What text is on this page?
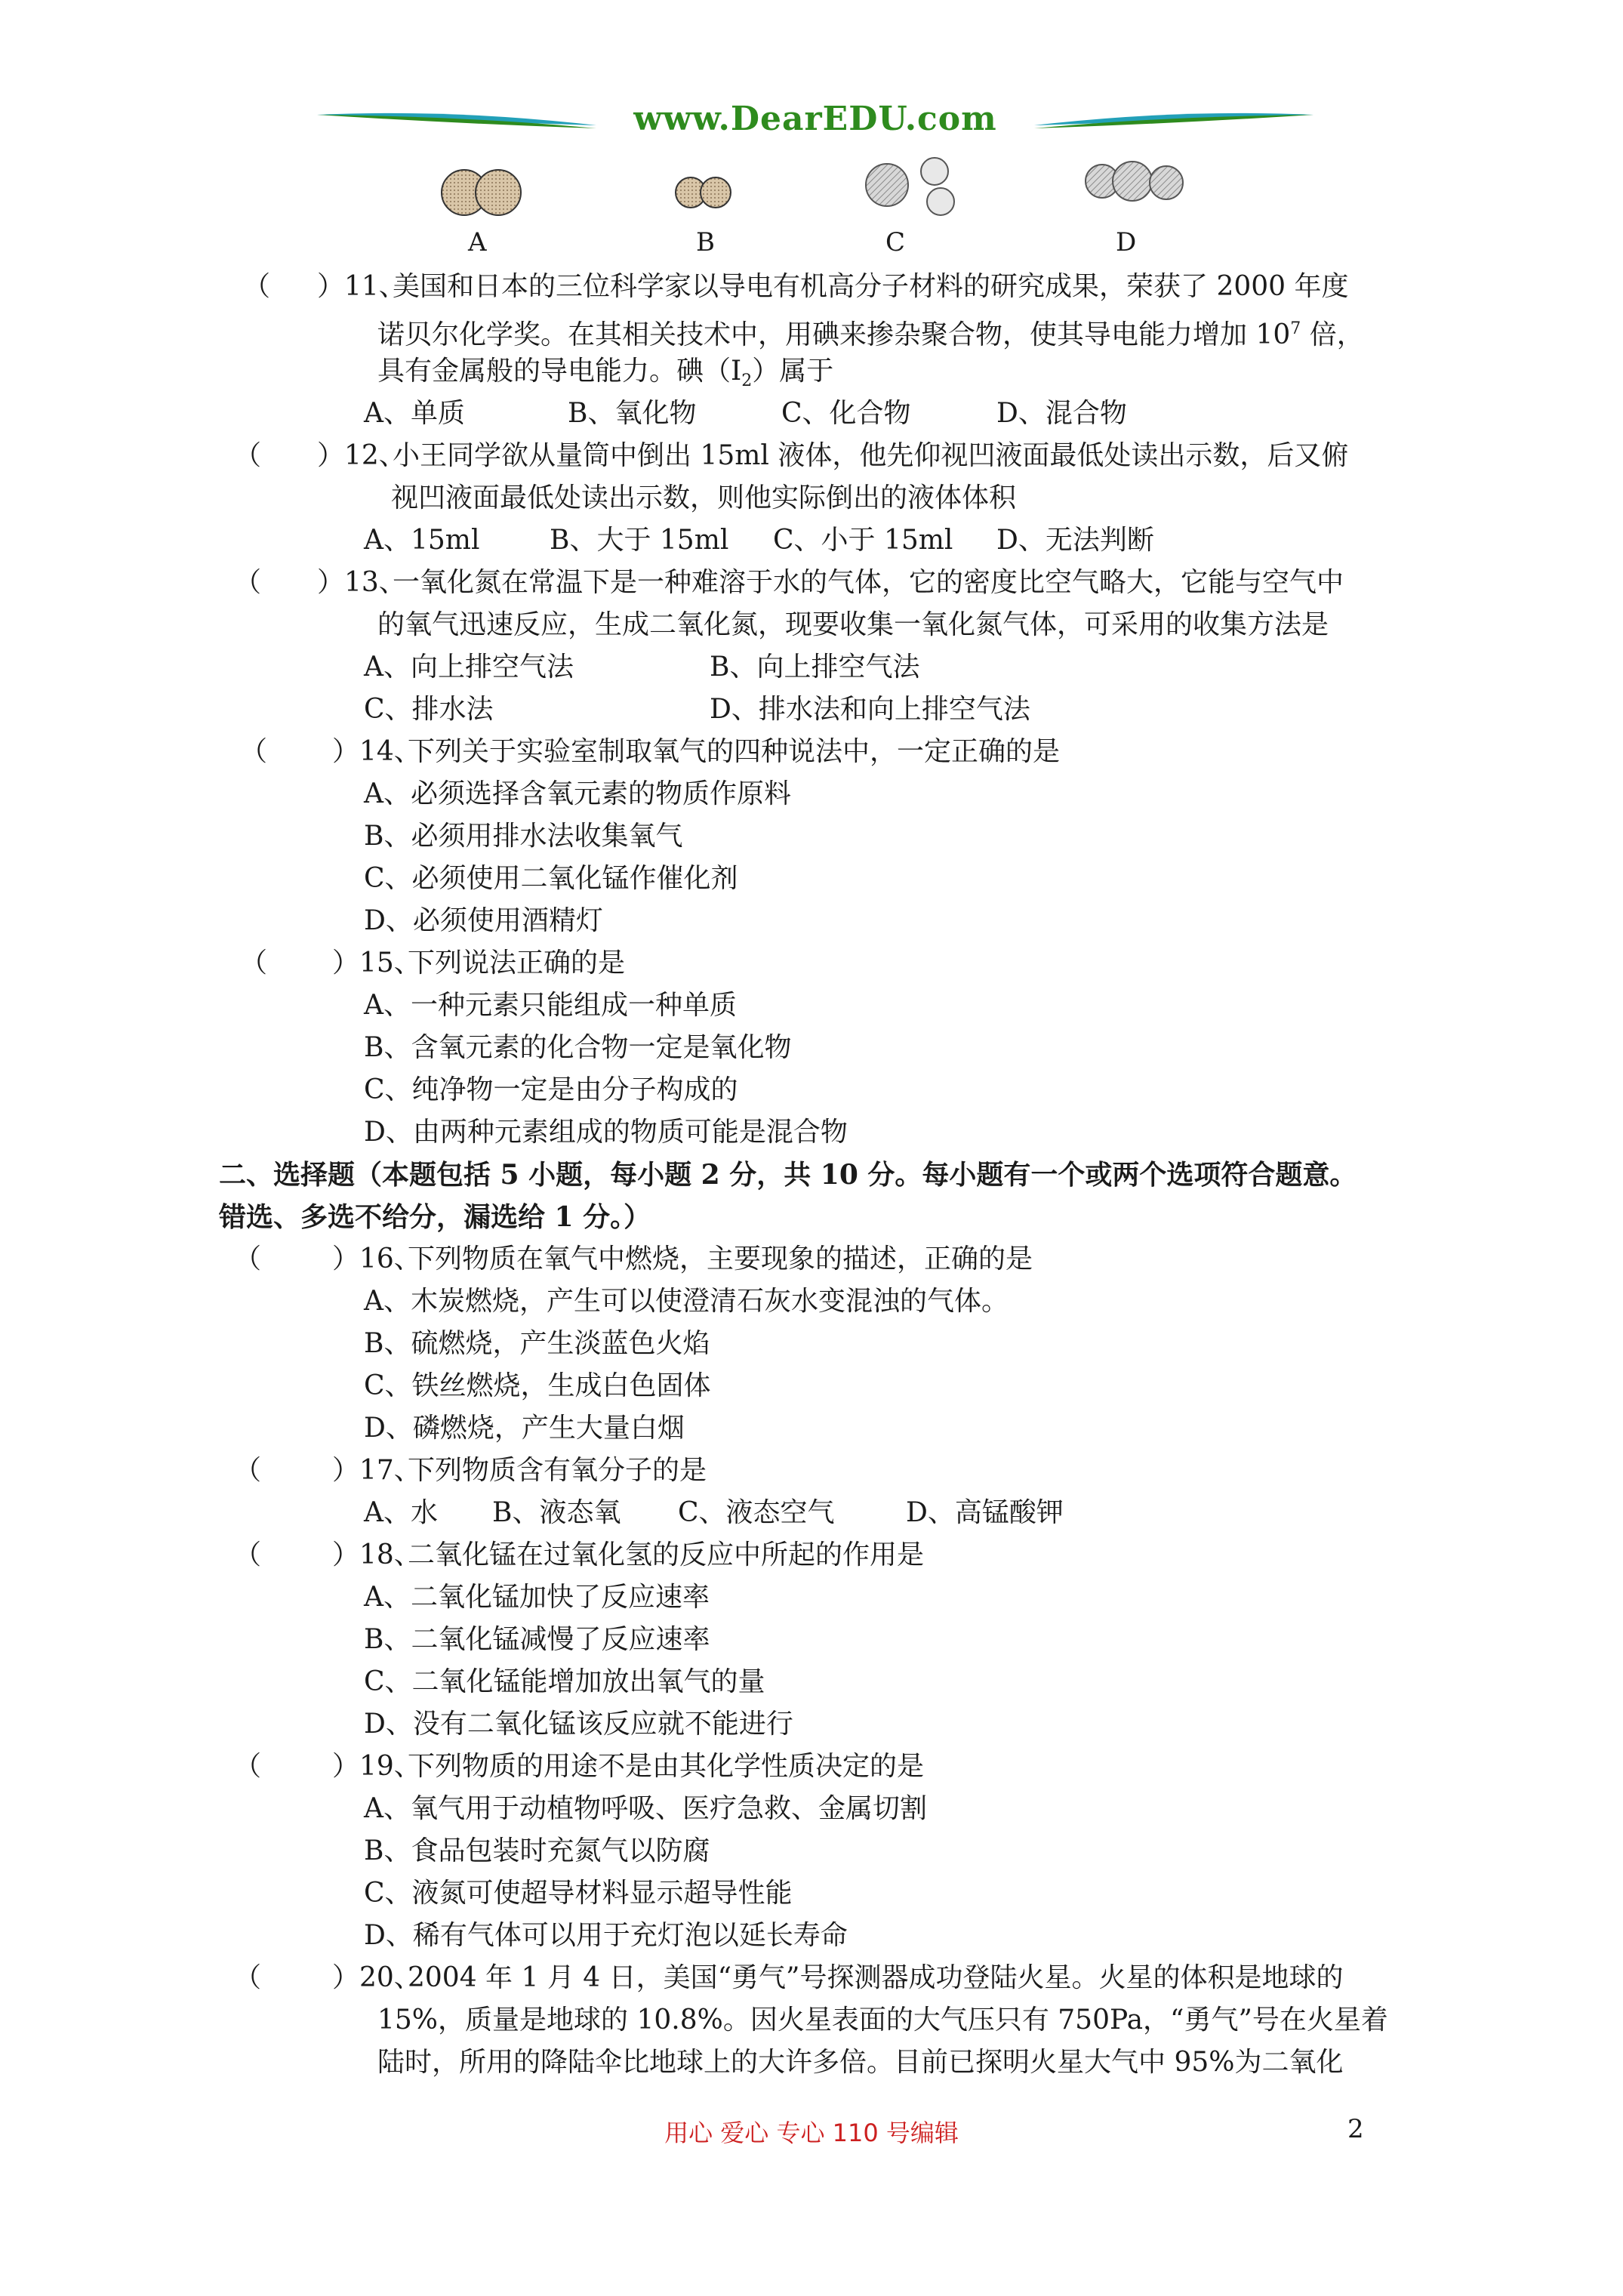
www.DearEDU.com
A	B	C	D
（ ）11、
美国和日本的三位科学家以导电有机高分子材料的研究成果，荣获了 2000 年度
诺贝尔化学奖。在其相关技术中，用碘来掺杂聚合物，使其导电能力增加 $10^7$ 倍，
具有金属般的导电能力。碘$(I_2)$属于
A、单质	B、氧化物	C、化合物	D、混合物
（ ）12、
小王同学欲从量筒中倒出 15ml 液体，他先仰视凹液面最低处读出示数，后又俯
视凹液面最低处读出示数，则他实际倒出的液体体积
A、15ml	B、大于 15ml C、小于 15ml D、无法判断
（ ）13、
一氧化氮在常温下是一种难溶于水的气体，它的密度比空气略大，它能与空气中
的氧气迅速反应，生成二氧化氮，现要收集一氧化氮气体，可采用的收集方法是
A、向上排空气法	B、向上排空气法
C、排水法	D、排水法和向上排空气法
（ ）14、
下列关于实验室制取氧气的四种说法中，一定正确的是
A、必须选择含氧元素的物质作原料
B、必须用排水法收集氧气
C、必须使用二氧化锰作催化剂
D、必须使用酒精灯
（ ）15、
下列说法正确的是
A、一种元素只能组成一种单质
B、含氧元素的化合物一定是氧化物
C、纯净物一定是由分子构成的
D、由两种元素组成的物质可能是混合物
二、选择题（本题包括 5 小题，每小题 2 分，共 10 分。每小题有一个或两个选项符合题意。
错选、多选不给分，漏选给 1 分。）
（	）16、
下列物质在氧气中燃烧，主要现象的描述，正确的是
A、木炭燃烧，产生可以使澄清石灰水变混浊的气体。
B、硫燃烧，产生淡蓝色火焰
C、铁丝燃烧，生成白色固体
D、磷燃烧，产生大量白烟
（	）17、
下列物质含有氧分子的是
A、水 B、液态氧 C、液态空气	D、高锰酸钾
（	）18、
二氧化锰在过氧化氢的反应中所起的作用是
A、二氧化锰加快了反应速率
B、二氧化锰减慢了反应速率
C、二氧化锰能增加放出氧气的量
D、没有二氧化锰该反应就不能进行
（	）19、
下列物质的用途不是由其化学性质决定的是
A、氧气用于动植物呼吸、医疗急救、金属切割
B、食品包装时充氮气以防腐
C、液氮可使超导材料显示超导性能
D、稀有气体可以用于充灯泡以延长寿命
（	）20、
2004 年 1 月 4 日，美国“勇气”号探测器成功登陆火星。火星的体积是地球的
15%，质量是地球的 10.8%。因火星表面的大气压只有 750Pa，“勇气”号在火星着
陆时，所用的降陆伞比地球上的大许多倍。目前已探明火星大气中 95%为二氧化
用心 爱心 专心 110 号编辑	2
